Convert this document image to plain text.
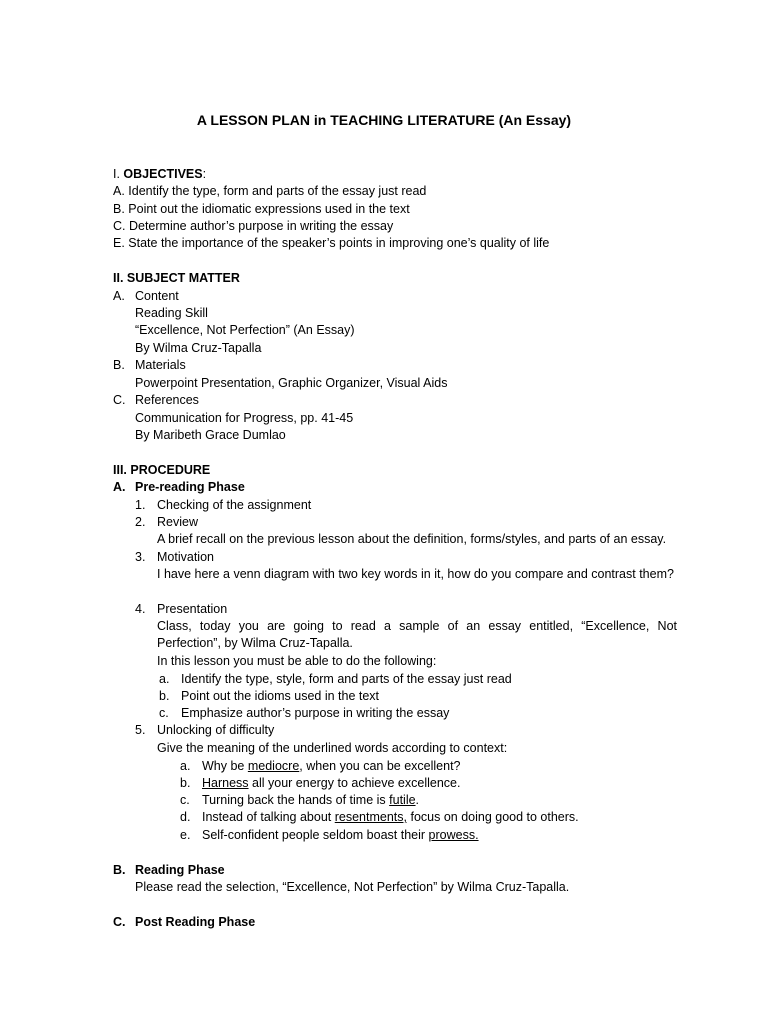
A LESSON PLAN in TEACHING LITERATURE (An Essay)
I. OBJECTIVES:
A. Identify the type, form and parts of the essay just read
B. Point out the idiomatic expressions used in the text
C. Determine author’s purpose in writing the essay
E. State the importance of the speaker’s points in improving one’s quality of life
II. SUBJECT MATTER
A. Content
Reading Skill
“Excellence, Not Perfection” (An Essay)
By Wilma Cruz-Tapalla
B. Materials
Powerpoint Presentation, Graphic Organizer, Visual Aids
C. References
Communication for Progress, pp. 41-45
By Maribeth Grace Dumlao
III. PROCEDURE
A. Pre-reading Phase
1. Checking of the assignment
2. Review
A brief recall on the previous lesson about the definition, forms/styles, and parts of an essay.
3. Motivation
I have here a venn diagram with two key words in it, how do you compare and contrast them?
4. Presentation
Class, today you are going to read a sample of an essay entitled, “Excellence, Not Perfection”, by Wilma Cruz-Tapalla.
In this lesson you must be able to do the following:
a. Identify the type, style, form and parts of the essay just read
b. Point out the idioms used in the text
c. Emphasize author’s purpose in writing the essay
5. Unlocking of difficulty
Give the meaning of the underlined words according to context:
a. Why be mediocre, when you can be excellent?
b. Harness all your energy to achieve excellence.
c. Turning back the hands of time is futile.
d. Instead of talking about resentments, focus on doing good to others.
e. Self-confident people seldom boast their prowess.
B. Reading Phase
Please read the selection, “Excellence, Not Perfection” by Wilma Cruz-Tapalla.
C. Post Reading Phase
